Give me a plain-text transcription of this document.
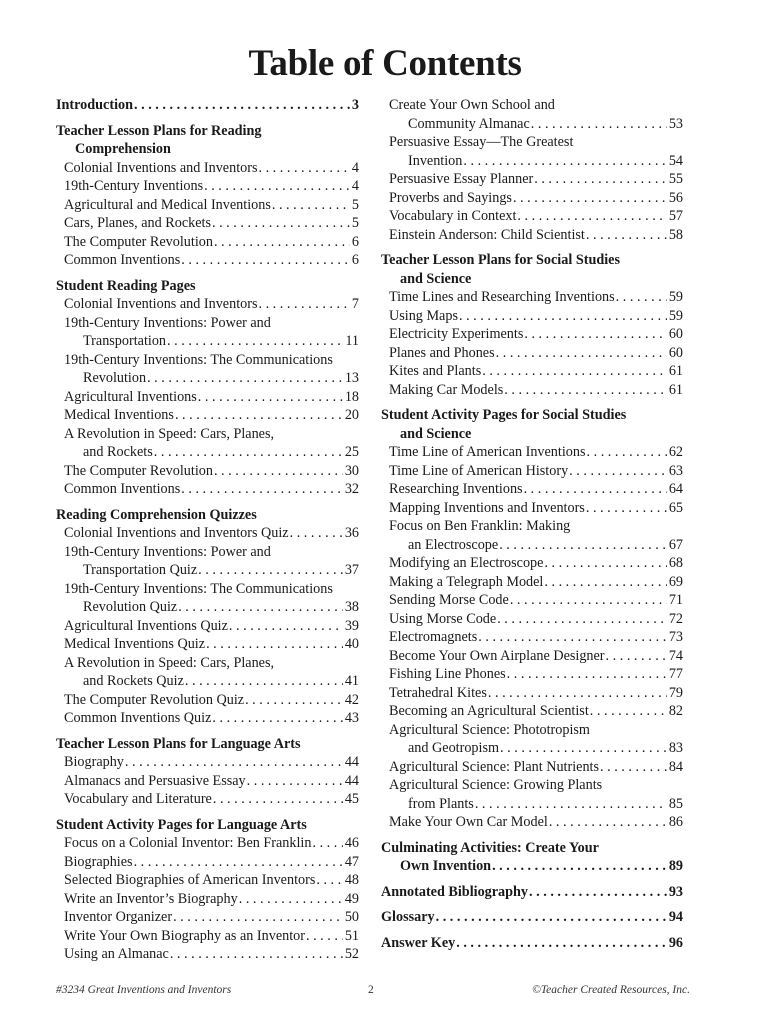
Table of Contents
Introduction . . .	3
Teacher Lesson Plans for Reading

Comprehension
Colonial Inventions and Inventors . . .	4
19th-Century Inventions . . .	4
Agricultural and Medical Inventions . . .	5
Cars, Planes, and Rockets . . .	5
The Computer Revolution . . .	6
Common Inventions . . .	6
Student Reading Pages
Colonial Inventions and Inventors . . .	7
19th-Century Inventions: Power and
Transportation . . .	11
19th-Century Inventions: The Communications
Revolution . . .	13
Agricultural Inventions . . .	18
Medical Inventions . . .	20
A Revolution in Speed: Cars, Planes,
and Rockets . . .	25
The Computer Revolution . . .	30
Common Inventions . . .	32
Reading Comprehension Quizzes
Colonial Inventions and Inventors Quiz . . .	36
19th-Century Inventions: Power and
Transportation Quiz . . .	37
19th-Century Inventions: The Communications
Revolution Quiz . . .	38
Agricultural Inventions Quiz . . .	39
Medical Inventions Quiz . . .	40
A Revolution in Speed: Cars, Planes,
and Rockets Quiz . . .	41
The Computer Revolution Quiz . . .	42
Common Inventions Quiz . . .	43
Teacher Lesson Plans for Language Arts
Biography . . .	44
Almanacs and Persuasive Essay . . .	44
Vocabulary and Literature . . .	45
Student Activity Pages for Language Arts
Focus on a Colonial Inventor: Ben Franklin . . . 46
Biographies . . .	47
Selected Biographies of American Inventors . . . 48
Write an Inventor’s Biography . . .	49
Inventor Organizer . . .	50
Write Your Own Biography as an Inventor . . .	51
Using an Almanac . . .	52
Create Your Own School and
Community Almanac . . .	53
Persuasive Essay—The Greatest
Invention . . .	54
Persuasive Essay Planner . . .	55
Proverbs and Sayings . . .	56
Vocabulary in Context . . .	57
Einstein Anderson: Child Scientist . . .	58
Teacher Lesson Plans for Social Studies

and Science
Time Lines and Researching Inventions . . .	59
Using Maps . . .	59
Electricity Experiments . . .	60
Planes and Phones . . .	60
Kites and Plants . . .	61
Making Car Models . . .	61
Student Activity Pages for Social Studies

and Science
Time Line of American Inventions . . .	62
Time Line of American History . . .	63
Researching Inventions . . .	64
Mapping Inventions and Inventors . . .	65
Focus on Ben Franklin: Making
an Electroscope . . .	67
Modifying an Electroscope . . .	68
Making a Telegraph Model . . .	69
Sending Morse Code . . .	71
Using Morse Code . . .	72
Electromagnets . . .	73
Become Your Own Airplane Designer . . .	74
Fishing Line Phones . . .	77
Tetrahedral Kites . . .	79
Becoming an Agricultural Scientist . . .	82
Agricultural Science: Phototropism
and Geotropism . . .	83
Agricultural Science: Plant Nutrients . . .	84
Agricultural Science: Growing Plants
from Plants . . .	85
Make Your Own Car Model . . .	86
Culminating Activities: Create Your
Own Invention . . .	89
Annotated Bibliography . . .	93
Glossary . . .	94
Answer Key . . .	96
#3234 Great Inventions and Inventors	2	©Teacher Created Resources, Inc.
